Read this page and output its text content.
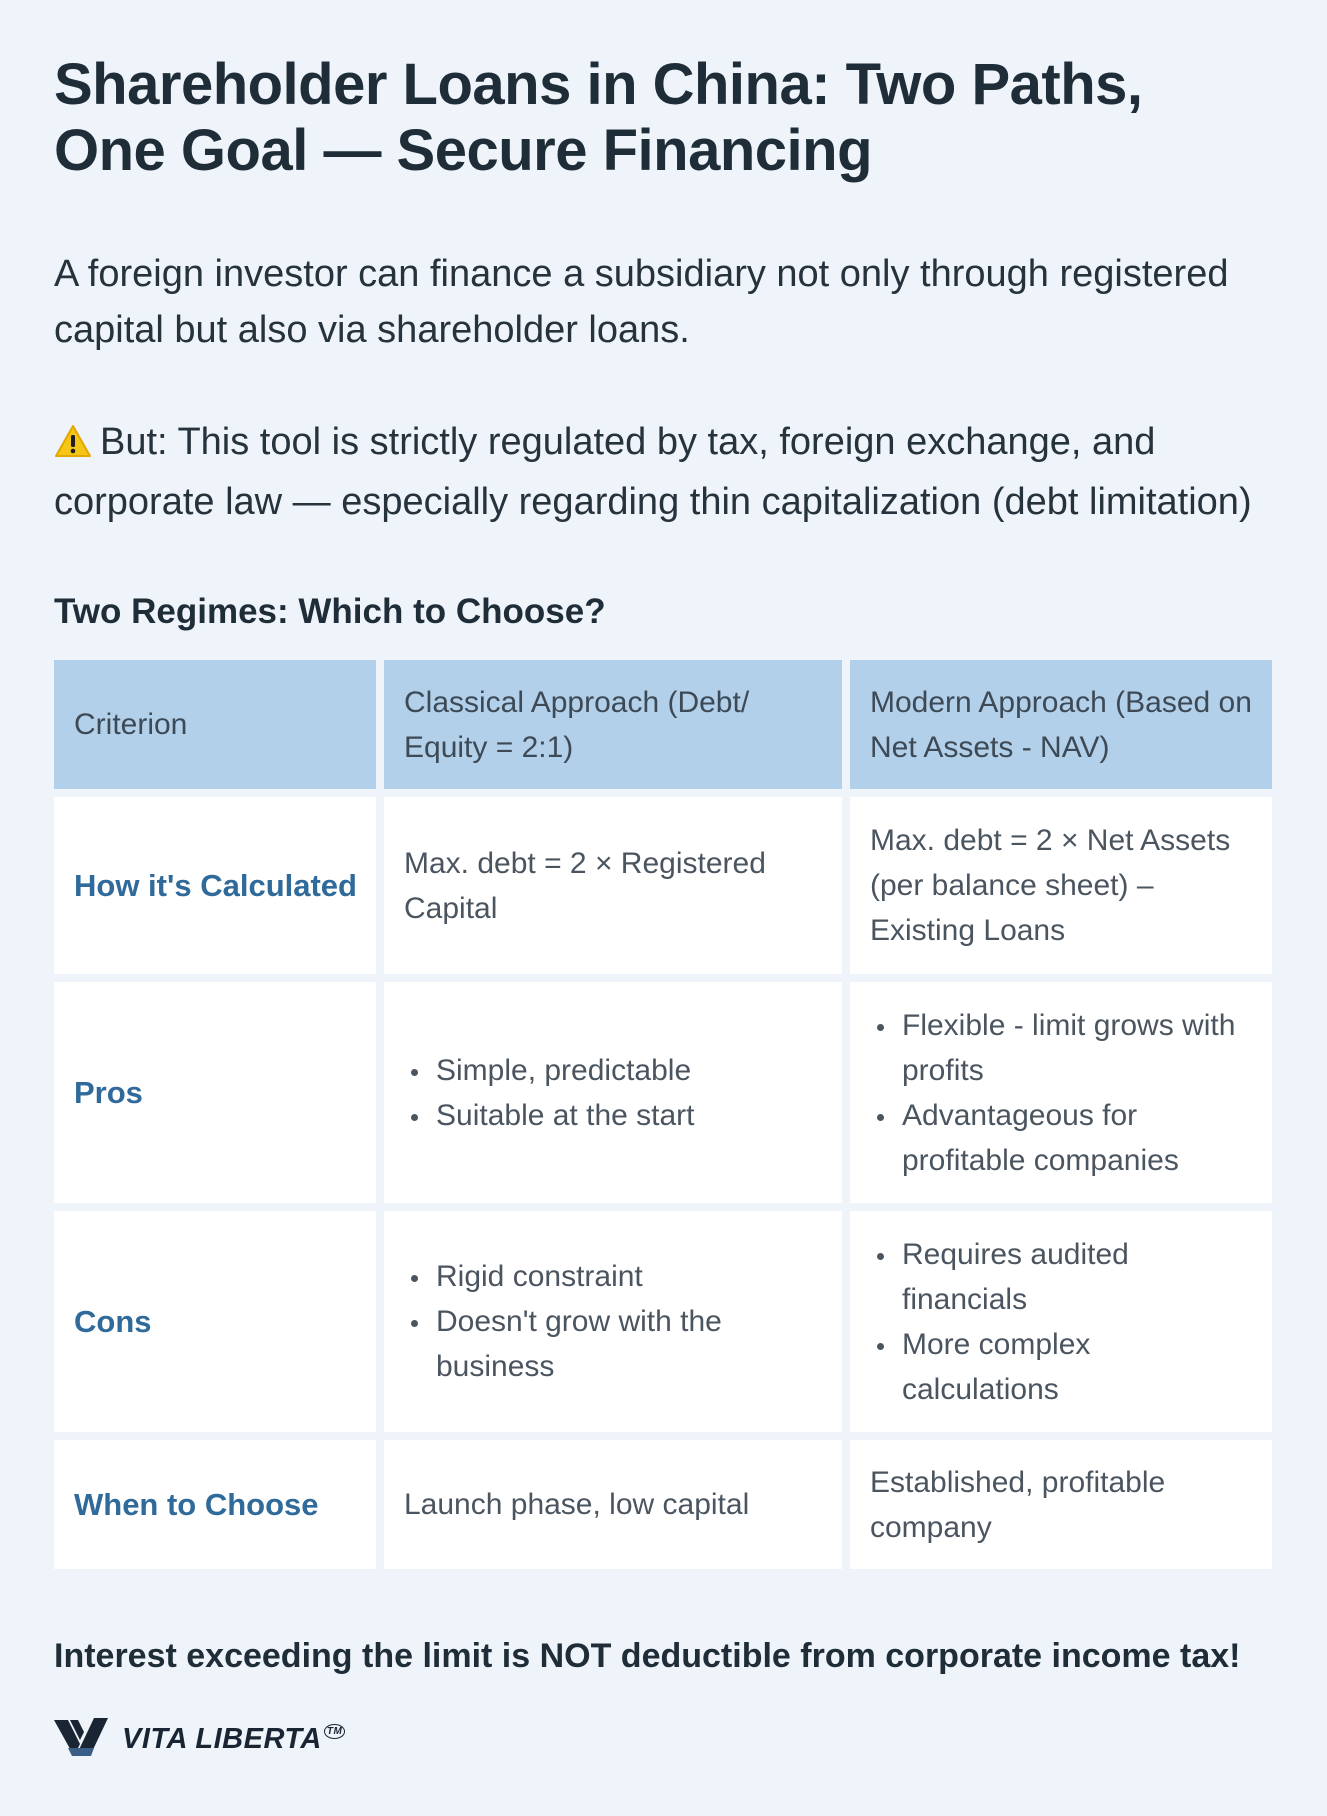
Shareholder Loans in China: Two Paths,
One Goal — Secure Financing
A foreign investor can finance a subsidiary not only through registered capital but also via shareholder loans.
But: This tool is strictly regulated by tax, foreign exchange, and corporate law — especially regarding thin capitalization (debt limitation)
Two Regimes: Which to Choose?
Criterion
Classical Approach (Debt/ Equity = 2:1)
Modern Approach (Based on Net Assets - NAV)
How it's Calculated
Max. debt = 2 × Registered Capital
Max. debt = 2 × Net Assets (per balance sheet) – Existing Loans
Pros
• Simple, predictable
• Suitable at the start
• Flexible - limit grows with profits
• Advantageous for profitable companies
Cons
• Rigid constraint
• Doesn't grow with the business
• Requires audited financials
• More complex calculations
When to Choose	Launch phase, low capital
Established, profitable company
Interest exceeding the limit is NOT deductible from corporate income tax!
VITA LIBERTA ™
